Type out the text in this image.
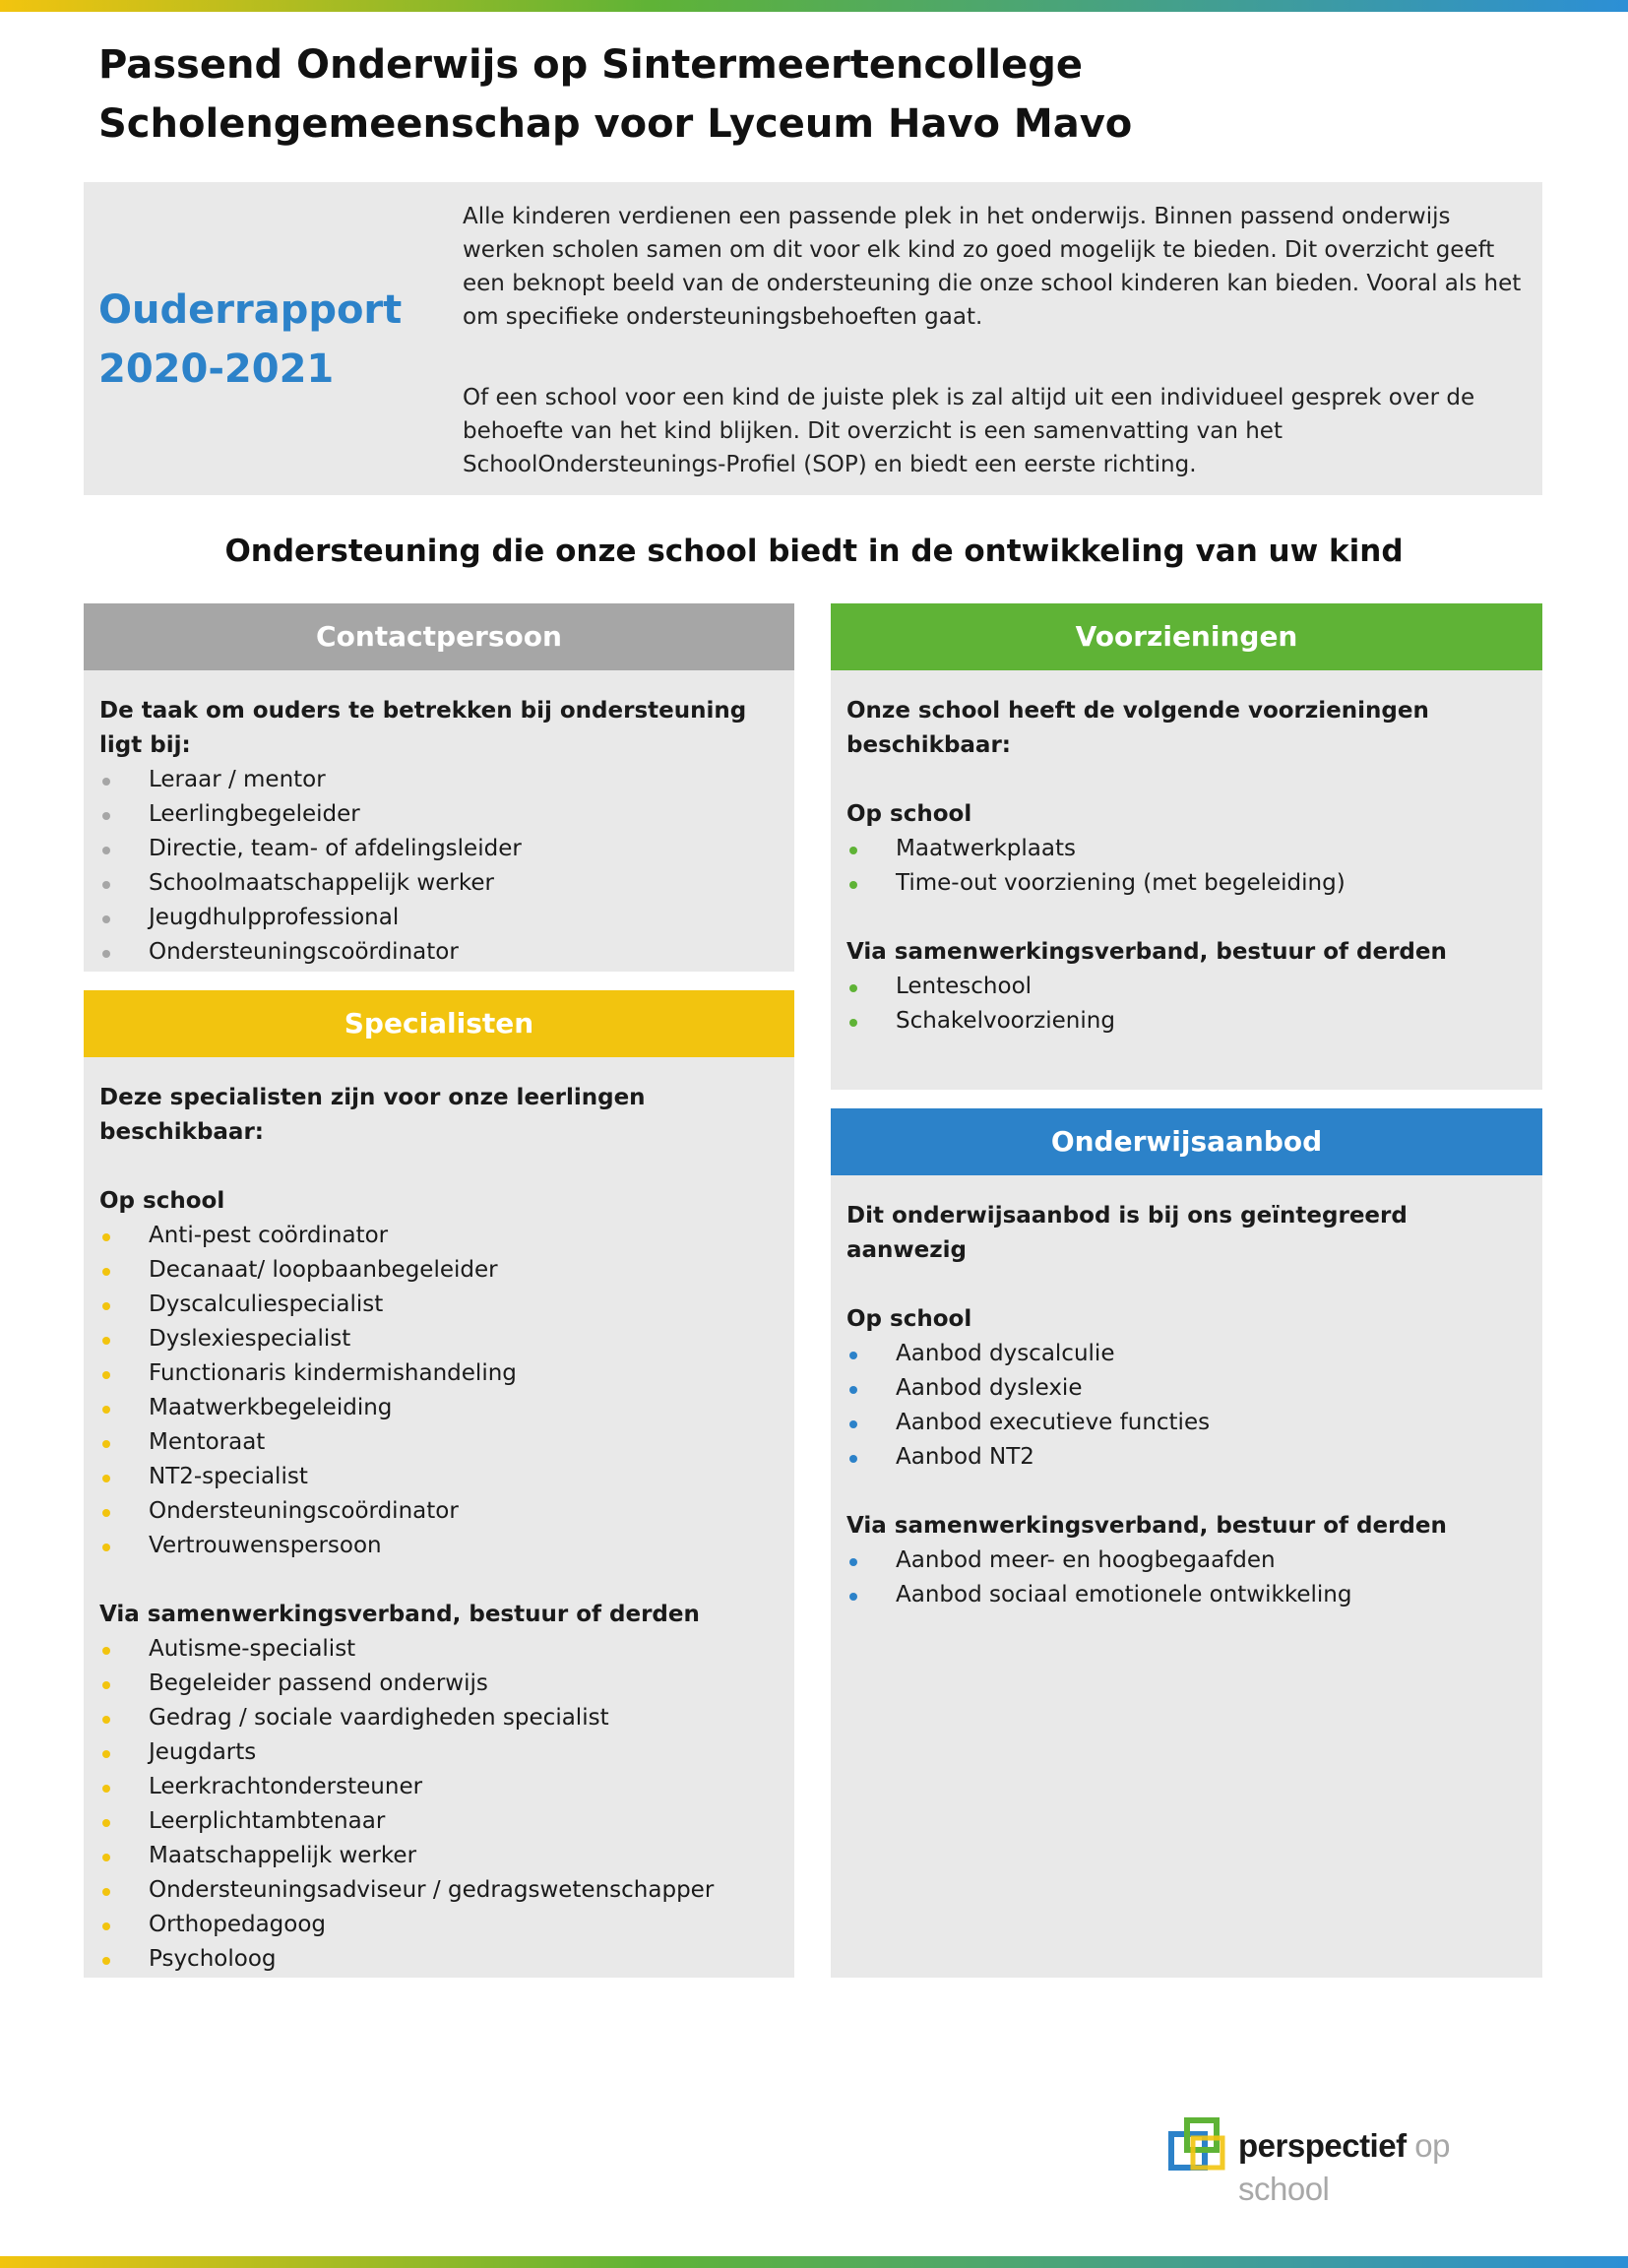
Passend Onderwijs op Sintermeertencollege Scholengemeenschap voor Lyceum Havo Mavo
Ouderrapport
2020-2021

Alle kinderen verdienen een passende plek in het onderwijs. Binnen passend onderwijs werken scholen samen om dit voor elk kind zo goed mogelijk te bieden. Dit overzicht geeft een beknopt beeld van de ondersteuning die onze school kinderen kan bieden. Vooral als het om specifieke ondersteuningsbehoeften gaat.

Of een school voor een kind de juiste plek is zal altijd uit een individueel gesprek over de behoefte van het kind blijken. Dit overzicht is een samenvatting van het SchoolOndersteunings-Profiel (SOP) en biedt een eerste richting.

Ondersteuning die onze school biedt in de ontwikkeling van uw kind
Contactpersoon
De taak om ouders te betrekken bij ondersteuning ligt bij:
Leraar / mentor
Leerlingbegeleider
Directie, team- of afdelingsleider
Schoolmaatschappelijk werker
Jeugdhulpprofessional
Ondersteuningscoördinator
Specialisten
Deze specialisten zijn voor onze leerlingen beschikbaar:
Op school
Anti-pest coördinator
Decanaat/ loopbaanbegeleider
Dyscalculiespecialist
Dyslexiespecialist
Functionaris kindermishandeling
Maatwerkbegeleiding
Mentoraat
NT2-specialist
Ondersteuningscoördinator
Vertrouwenspersoon
Via samenwerkingsverband, bestuur of derden
Autisme-specialist
Begeleider passend onderwijs
Gedrag / sociale vaardigheden specialist
Jeugdarts
Leerkrachtondersteuner
Leerplichtambtenaar
Maatschappelijk werker
Ondersteuningsadviseur / gedragswetenschapper
Orthopedagoog
Psycholoog
Voorzieningen
Onze school heeft de volgende voorzieningen beschikbaar:
Op school
Maatwerkplaats
Time-out voorziening (met begeleiding)
Via samenwerkingsverband, bestuur of derden
Lenteschool
Schakelvoorziening
Onderwijsaanbod
Dit onderwijsaanbod is bij ons geïntegreerd aanwezig
Op school
Aanbod dyscalculie
Aanbod dyslexie
Aanbod executieve functies
Aanbod NT2
Via samenwerkingsverband, bestuur of derden
Aanbod meer- en hoogbegaafden
Aanbod sociaal emotionele ontwikkeling
perspectief op school
